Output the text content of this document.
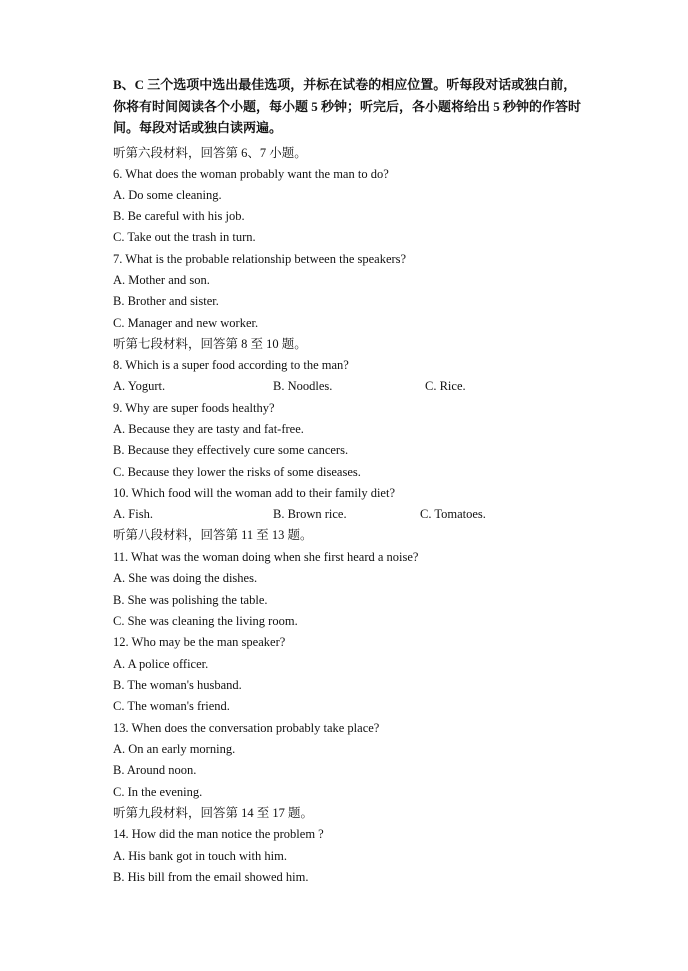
B、C 三个选项中选出最佳选项，并标在试卷的相应位置。听每段对话或独白前，你将有时间阅读各个小题，每小题 5 秒钟；听完后，各小题将给出 5 秒钟的作答时间。每段对话或独白读两遍。
听第六段材料，回答第 6、7 小题。
6. What does the woman probably want the man to do?
A. Do some cleaning.
B. Be careful with his job.
C. Take out the trash in turn.
7. What is the probable relationship between the speakers?
A. Mother and son.
B. Brother and sister.
C. Manager and new worker.
听第七段材料，回答第 8 至 10 题。
8. Which is a super food according to the man?
A. Yogurt.	B. Noodles.	C. Rice.
9. Why are super foods healthy?
A. Because they are tasty and fat-free.
B. Because they effectively cure some cancers.
C. Because they lower the risks of some diseases.
10. Which food will the woman add to their family diet?
A. Fish.	B. Brown rice.	C. Tomatoes.
听第八段材料，回答第 11 至 13 题。
11. What was the woman doing when she first heard a noise?
A. She was doing the dishes.
B. She was polishing the table.
C. She was cleaning the living room.
12. Who may be the man speaker?
A. A police officer.
B. The woman's husband.
C. The woman's friend.
13. When does the conversation probably take place?
A. On an early morning.
B. Around noon.
C. In the evening.
听第九段材料，回答第 14 至 17 题。
14. How did the man notice the problem ?
A. His bank got in touch with him.
B. His bill from the email showed him.
